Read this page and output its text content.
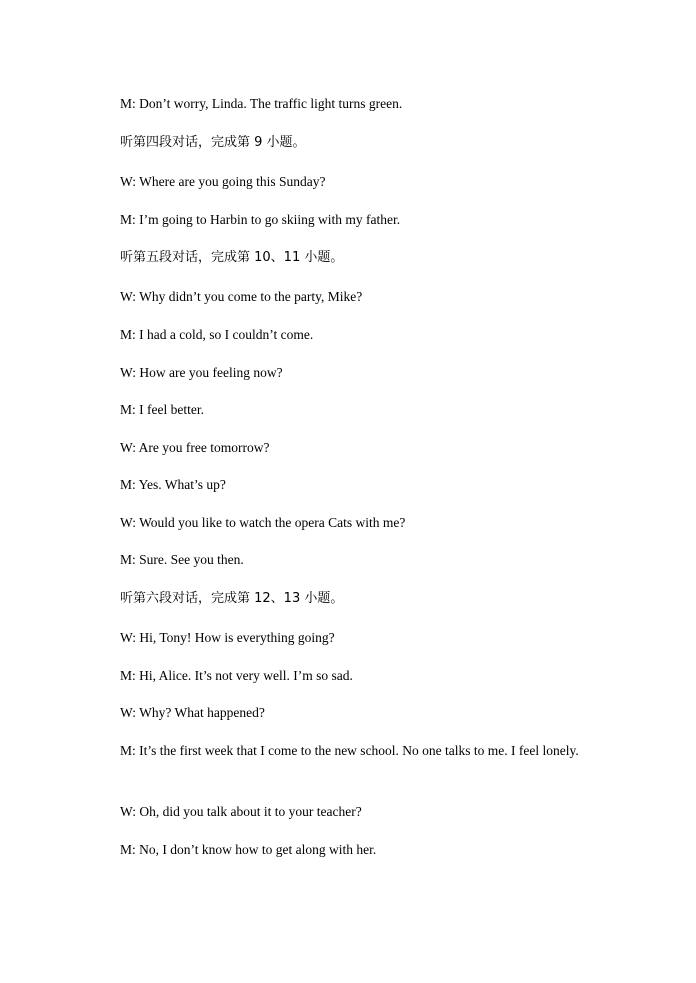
M: Don’t worry, Linda. The traffic light turns green.
听第四段对话，完成第 9 小题。
W: Where are you going this Sunday?
M: I’m going to Harbin to go skiing with my father.
听第五段对话，完成第 10、11 小题。
W: Why didn’t you come to the party, Mike?
M: I had a cold, so I couldn’t come.
W: How are you feeling now?
M: I feel better.
W: Are you free tomorrow?
M: Yes. What’s up?
W: Would you like to watch the opera Cats with me?
M: Sure. See you then.
听第六段对话，完成第 12、13 小题。
W: Hi, Tony! How is everything going?
M: Hi, Alice. It’s not very well. I’m so sad.
W: Why? What happened?
M: It’s the first week that I come to the new school. No one talks to me. I feel lonely.
W: Oh, did you talk about it to your teacher?
M: No, I don’t know how to get along with her.
